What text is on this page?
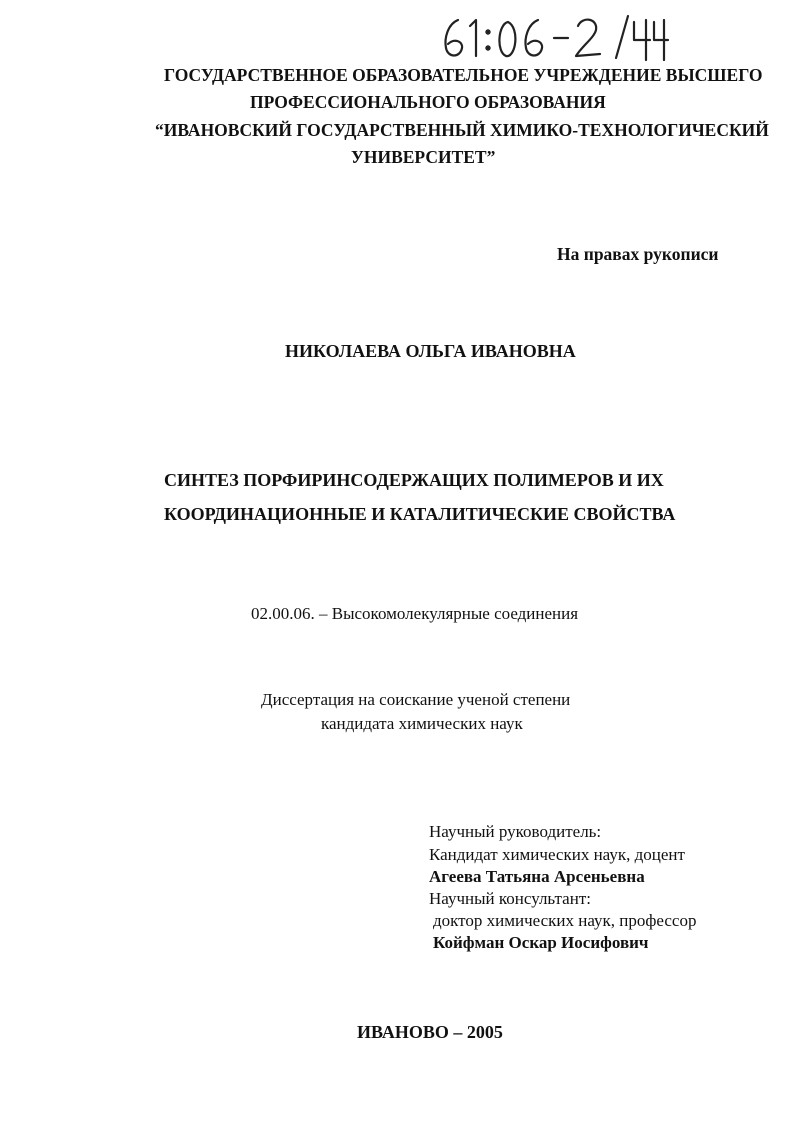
ГОСУДАРСТВЕННОЕ ОБРАЗОВАТЕЛЬНОЕ УЧРЕЖДЕНИЕ ВЫСШЕГО
ПРОФЕССИОНАЛЬНОГО ОБРАЗОВАНИЯ
“ИВАНОВСКИЙ ГОСУДАРСТВЕННЫЙ ХИМИКО-ТЕХНОЛОГИЧЕСКИЙ
УНИВЕРСИТЕТ”
На правах рукописи
НИКОЛАЕВА ОЛЬГА ИВАНОВНА
СИНТЕЗ ПОРФИРИНСОДЕРЖАЩИХ ПОЛИМЕРОВ И ИХ
КООРДИНАЦИОННЫЕ И КАТАЛИТИЧЕСКИЕ СВОЙСТВА
02.00.06. – Высокомолекулярные соединения
Диссертация на соискание ученой степени
кандидата химических наук
Научный руководитель:
Кандидат химических наук, доцент
Агеева Татьяна Арсеньевна
Научный консультант:
доктор химических наук, профессор
Койфман Оскар Иосифович
ИВАНОВО – 2005
